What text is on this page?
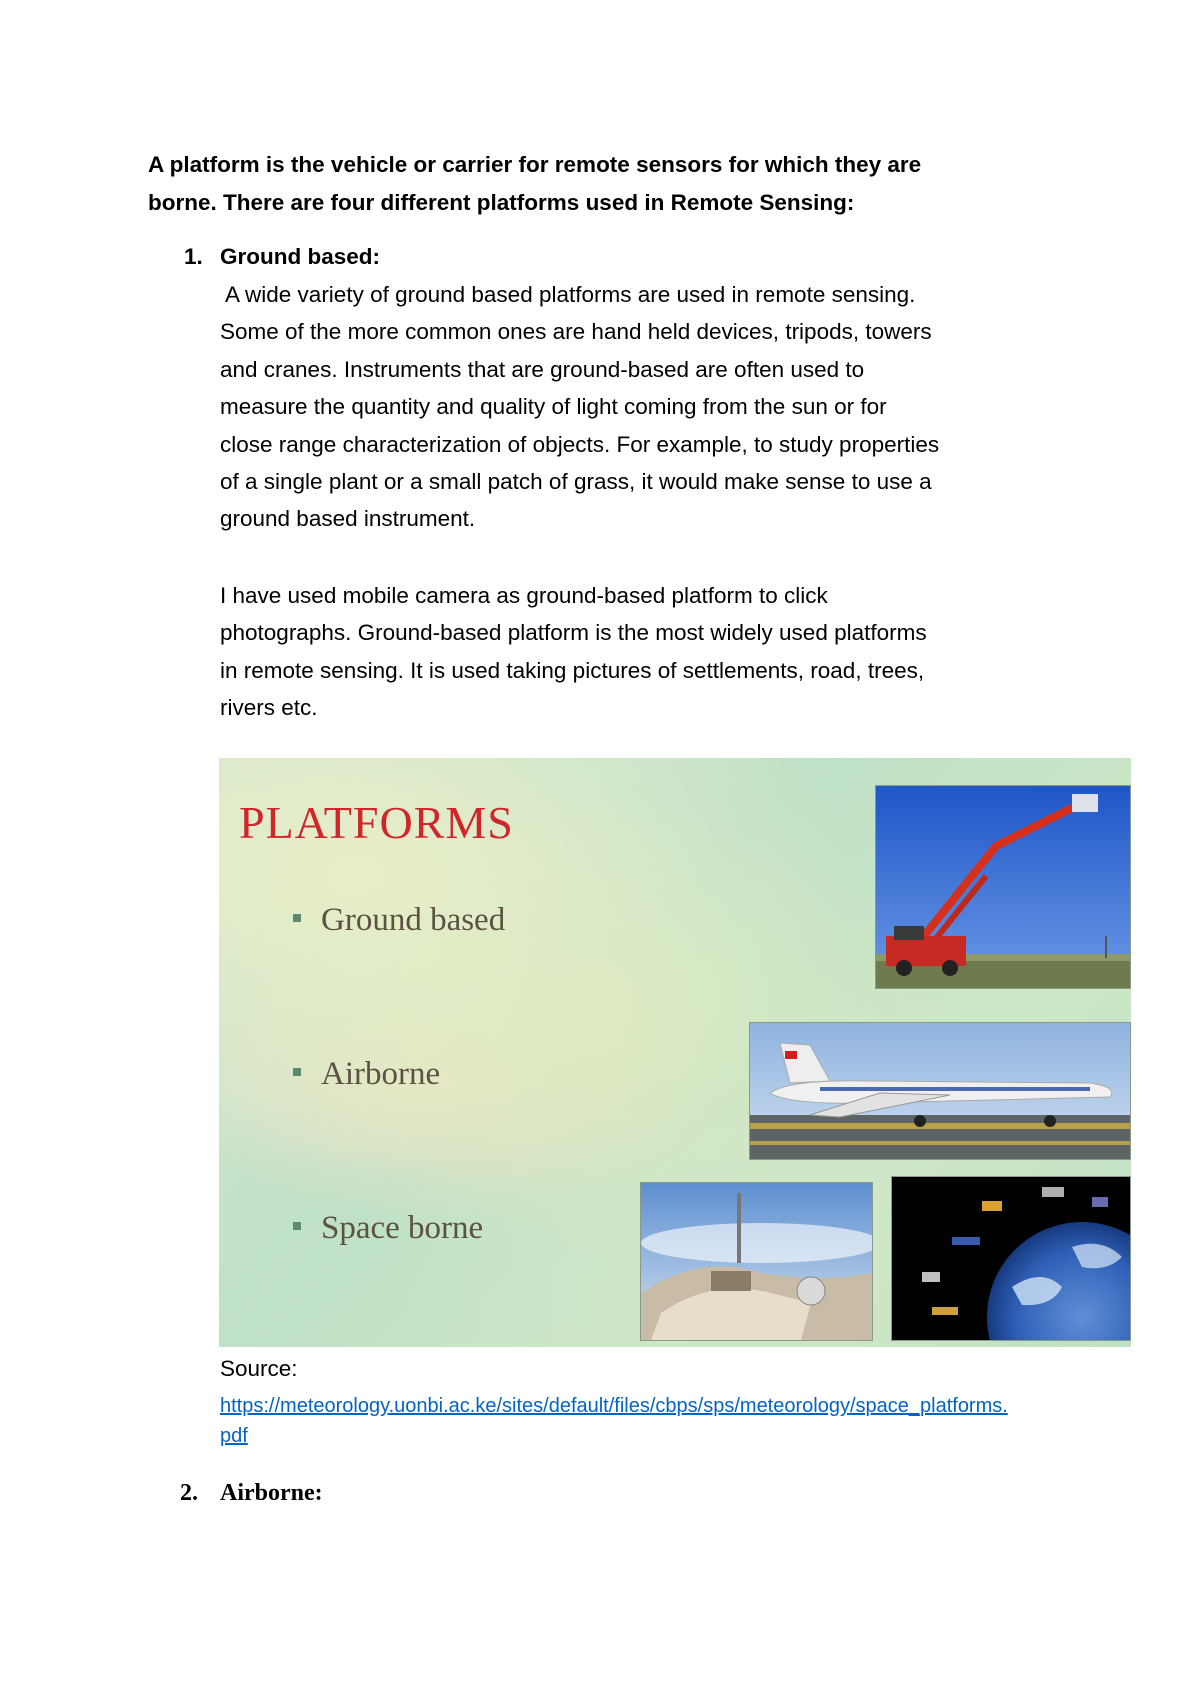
A platform is the vehicle or carrier for remote sensors for which they are
borne. There are four different platforms used in Remote Sensing:
1. Ground based:
A wide variety of ground based platforms are used in remote sensing.
Some of the more common ones are hand held devices, tripods, towers
and cranes. Instruments that are ground-based are often used to
measure the quantity and quality of light coming from the sun or for
close range characterization of objects. For example, to study properties
of a single plant or a small patch of grass, it would make sense to use a
ground based instrument.
I have used mobile camera as ground-based platform to click
photographs. Ground-based platform is the most widely used platforms
in remote sensing. It is used taking pictures of settlements, road, trees,
rivers etc.
PLATFORMS
Ground based
Airborne
Space borne
Source:
https://meteorology.uonbi.ac.ke/sites/default/files/cbps/sps/meteorology/space_platforms.
pdf
2. Airborne:
